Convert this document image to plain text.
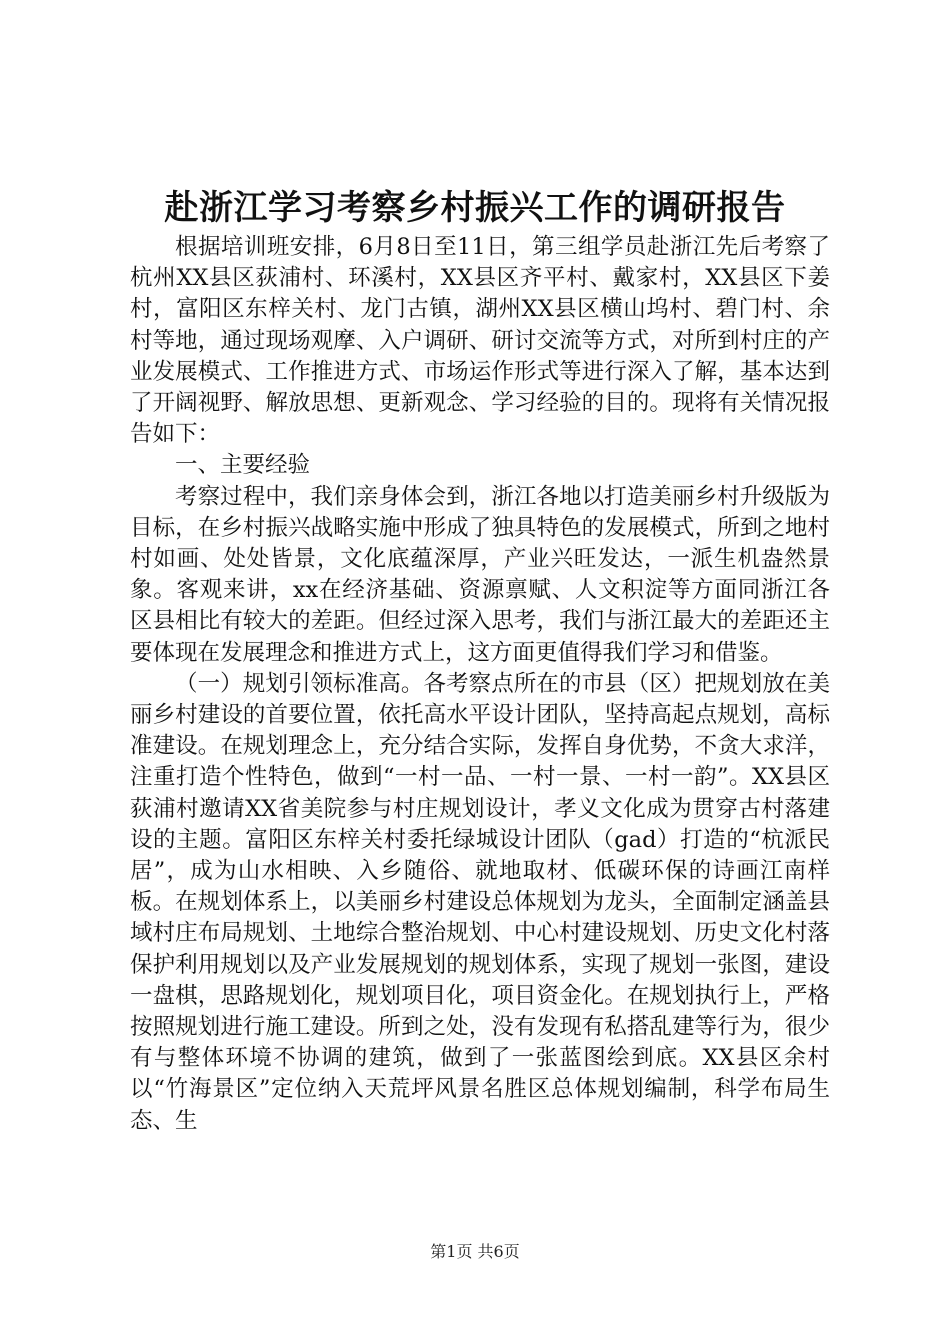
赴浙江学习考察乡村振兴工作的调研报告

根据培训班安排，6月8日至11日，第三组学员赴浙江先后考察了杭州XX县区荻浦村、环溪村，XX县区齐平村、戴家村，XX县区下姜村，富阳区东梓关村、龙门古镇，湖州XX县区横山坞村、碧门村、余村等地，通过现场观摩、入户调研、研讨交流等方式，对所到村庄的产业发展模式、工作推进方式、市场运作形式等进行深入了解，基本达到了开阔视野、解放思想、更新观念、学习经验的目的。现将有关情况报告如下：

一、主要经验

考察过程中，我们亲身体会到，浙江各地以打造美丽乡村升级版为目标，在乡村振兴战略实施中形成了独具特色的发展模式，所到之地村村如画、处处皆景，文化底蕴深厚，产业兴旺发达，一派生机盎然景象。客观来讲，xx在经济基础、资源禀赋、人文积淀等方面同浙江各区县相比有较大的差距。但经过深入思考，我们与浙江最大的差距还主要体现在发展理念和推进方式上，这方面更值得我们学习和借鉴。

（一）规划引领标准高。各考察点所在的市县（区）把规划放在美丽乡村建设的首要位置，依托高水平设计团队，坚持高起点规划，高标准建设。在规划理念上，充分结合实际，发挥自身优势，不贪大求洋，注重打造个性特色，做到“一村一品、一村一景、一村一韵”。XX县区荻浦村邀请XX省美院参与村庄规划设计，孝义文化成为贯穿古村落建设的主题。富阳区东梓关村委托绿城设计团队（gad）打造的“杭派民居”，成为山水相映、入乡随俗、就地取材、低碳环保的诗画江南样板。在规划体系上，以美丽乡村建设总体规划为龙头，全面制定涵盖县域村庄布局规划、土地综合整治规划、中心村建设规划、历史文化村落保护利用规划以及产业发展规划的规划体系，实现了规划一张图，建设一盘棋，思路规划化，规划项目化，项目资金化。在规划执行上，严格按照规划进行施工建设。所到之处，没有发现有私搭乱建等行为，很少有与整体环境不协调的建筑，做到了一张蓝图绘到底。XX县区余村以“竹海景区”定位纳入天荒坪风景名胜区总体规划编制，科学布局生态、生

第1页 共6页
